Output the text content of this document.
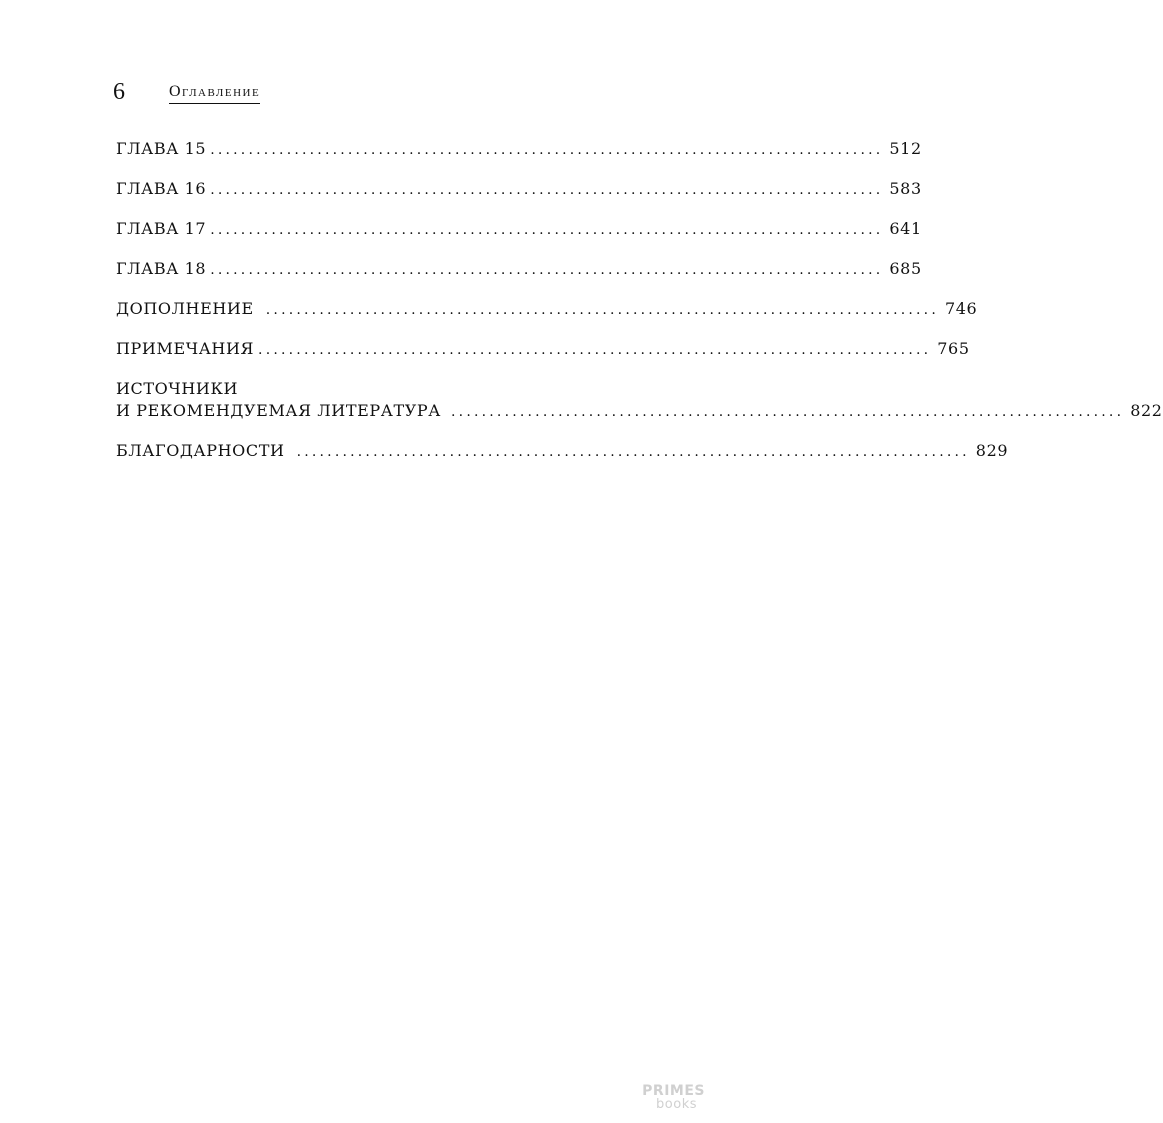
6	Оглавление
ГЛАВА 15 ........................................................................................ 512
ГЛАВА 16 ........................................................................................ 583
ГЛАВА 17 ........................................................................................ 641
ГЛАВА 18 ........................................................................................ 685
ДОПОЛНЕНИЕ ........................................................................................ 746
ПРИМЕЧАНИЯ ........................................................................................ 765
ИСТОЧНИКИ
И РЕКОМЕНДУЕМАЯ ЛИТЕРАТУРА ........................................................................................ 822
БЛАГОДАРНОСТИ ........................................................................................ 829
PRIMES
books
